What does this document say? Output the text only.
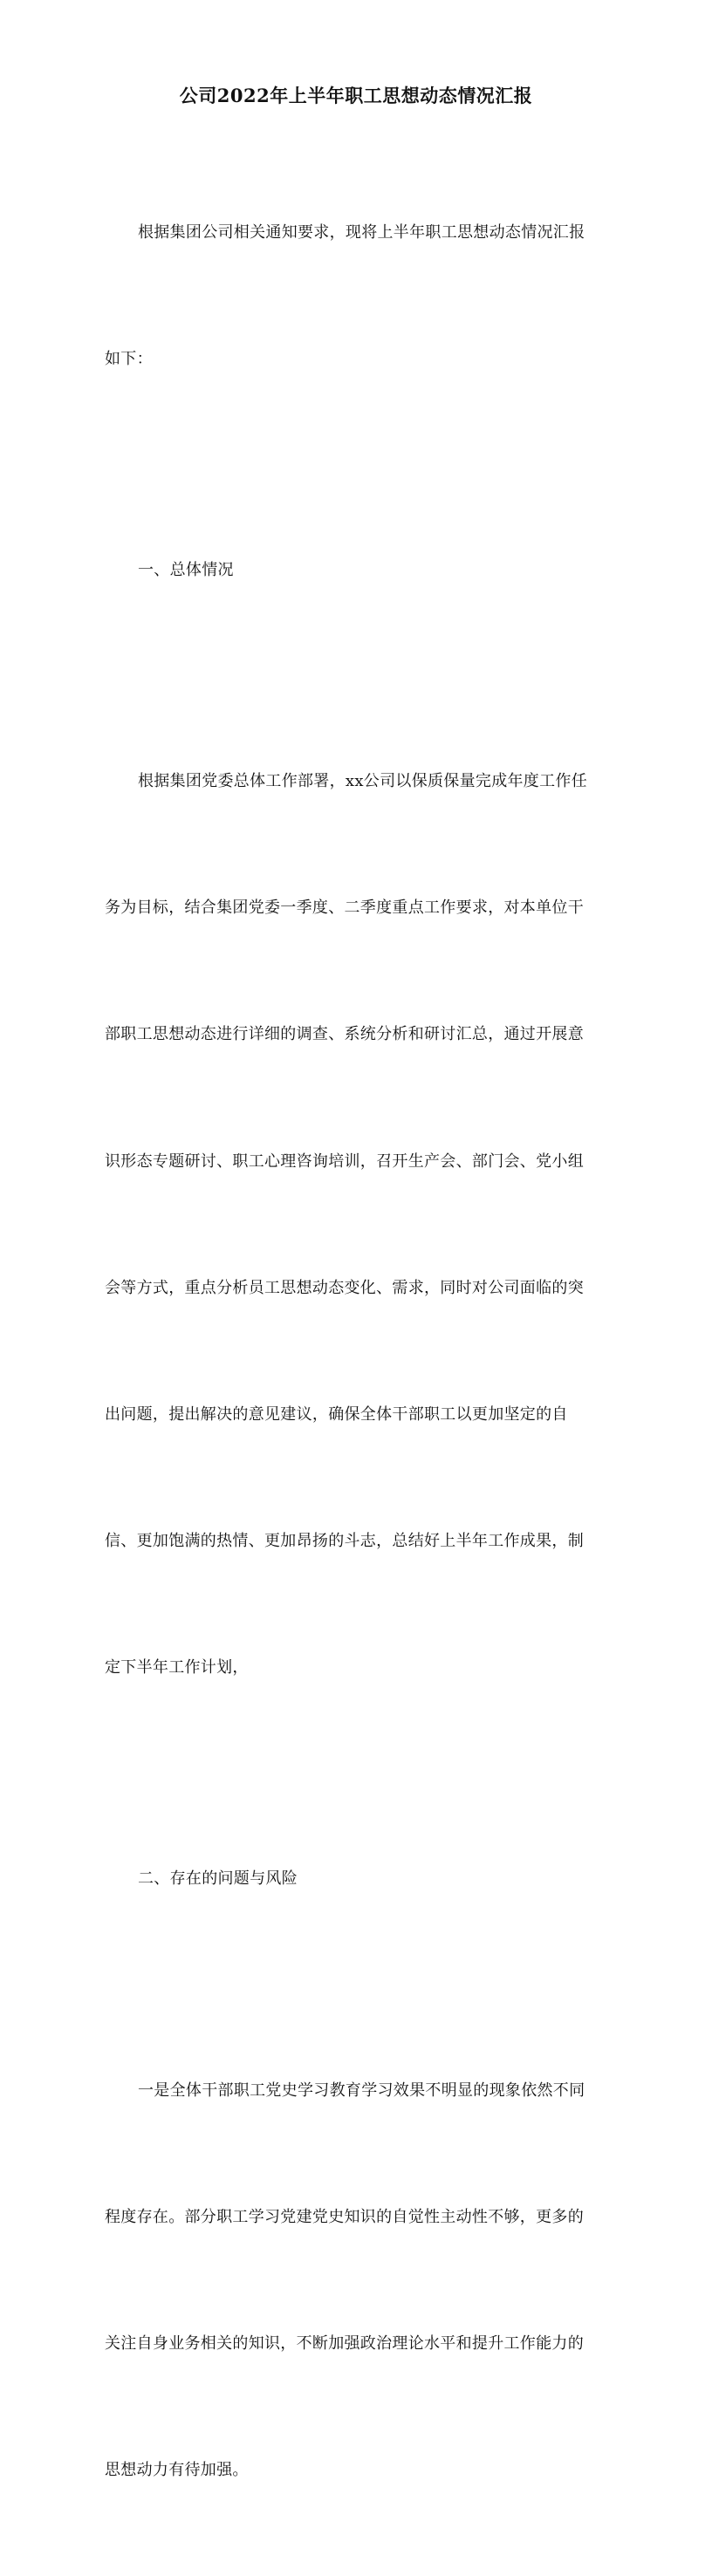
公司2022年上半年职工思想动态情况汇报

根据集团公司相关通知要求，现将上半年职工思想动态情况汇报

如下：

一、总体情况

根据集团党委总体工作部署，xx公司以保质保量完成年度工作任

务为目标，结合集团党委一季度、二季度重点工作要求，对本单位干

部职工思想动态进行详细的调查、系统分析和研讨汇总，通过开展意

识形态专题研讨、职工心理咨询培训，召开生产会、部门会、党小组

会等方式，重点分析员工思想动态变化、需求，同时对公司面临的突

出问题，提出解决的意见建议，确保全体干部职工以更加坚定的自

信、更加饱满的热情、更加昂扬的斗志，总结好上半年工作成果，制

定下半年工作计划，

二、存在的问题与风险

一是全体干部职工党史学习教育学习效果不明显的现象依然不同

程度存在。部分职工学习党建党史知识的自觉性主动性不够，更多的

关注自身业务相关的知识，不断加强政治理论水平和提升工作能力的

思想动力有待加强。
